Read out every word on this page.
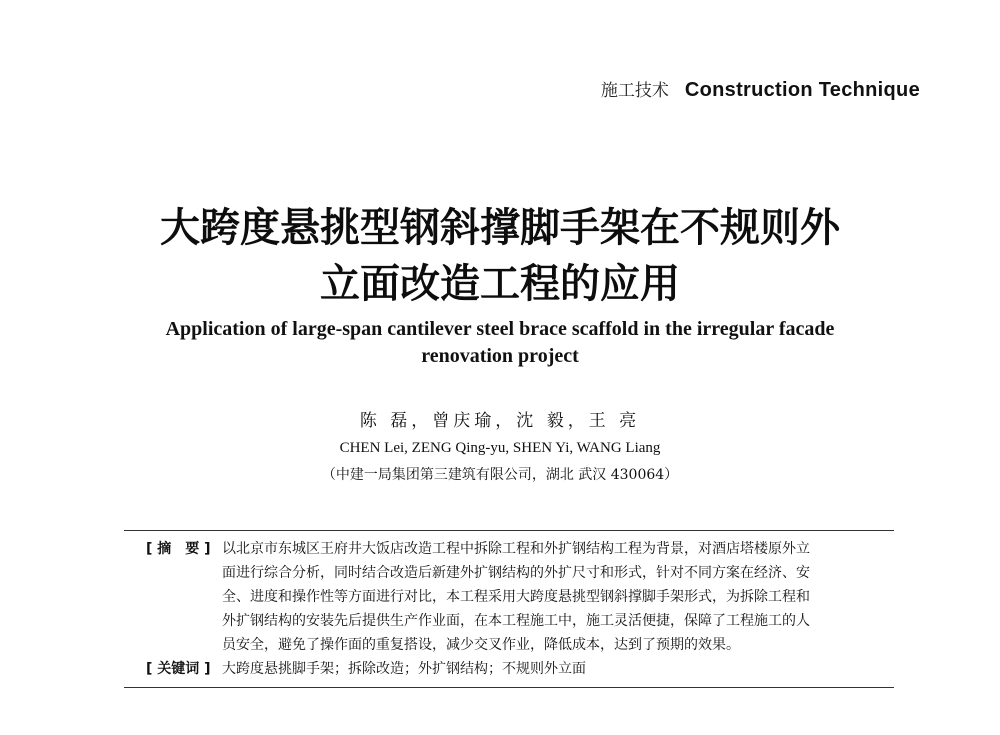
施工技术 Construction Technique
大跨度悬挑型钢斜撑脚手架在不规则外
立面改造工程的应用
Application of large-span cantilever steel brace scaffold in the irregular facade
renovation project
陈 磊，曾庆瑜，沈 毅，王 亮
CHEN Lei, ZENG Qing-yu, SHEN Yi, WANG Liang
（中建一局集团第三建筑有限公司，湖北 武汉 430064）
[ 摘　要 ] 以北京市东城区王府井大饭店改造工程中拆除工程和外扩钢结构工程为背景，对酒店塔楼原外立
面进行综合分析，同时结合改造后新建外扩钢结构的外扩尺寸和形式，针对不同方案在经济、安
全、进度和操作性等方面进行对比，本工程采用大跨度悬挑型钢斜撑脚手架形式，为拆除工程和
外扩钢结构的安装先后提供生产作业面，在本工程施工中，施工灵活便捷，保障了工程施工的人
员安全，避免了操作面的重复搭设，减少交叉作业，降低成本，达到了预期的效果。
[ 关键词 ] 大跨度悬挑脚手架；拆除改造；外扩钢结构；不规则外立面
